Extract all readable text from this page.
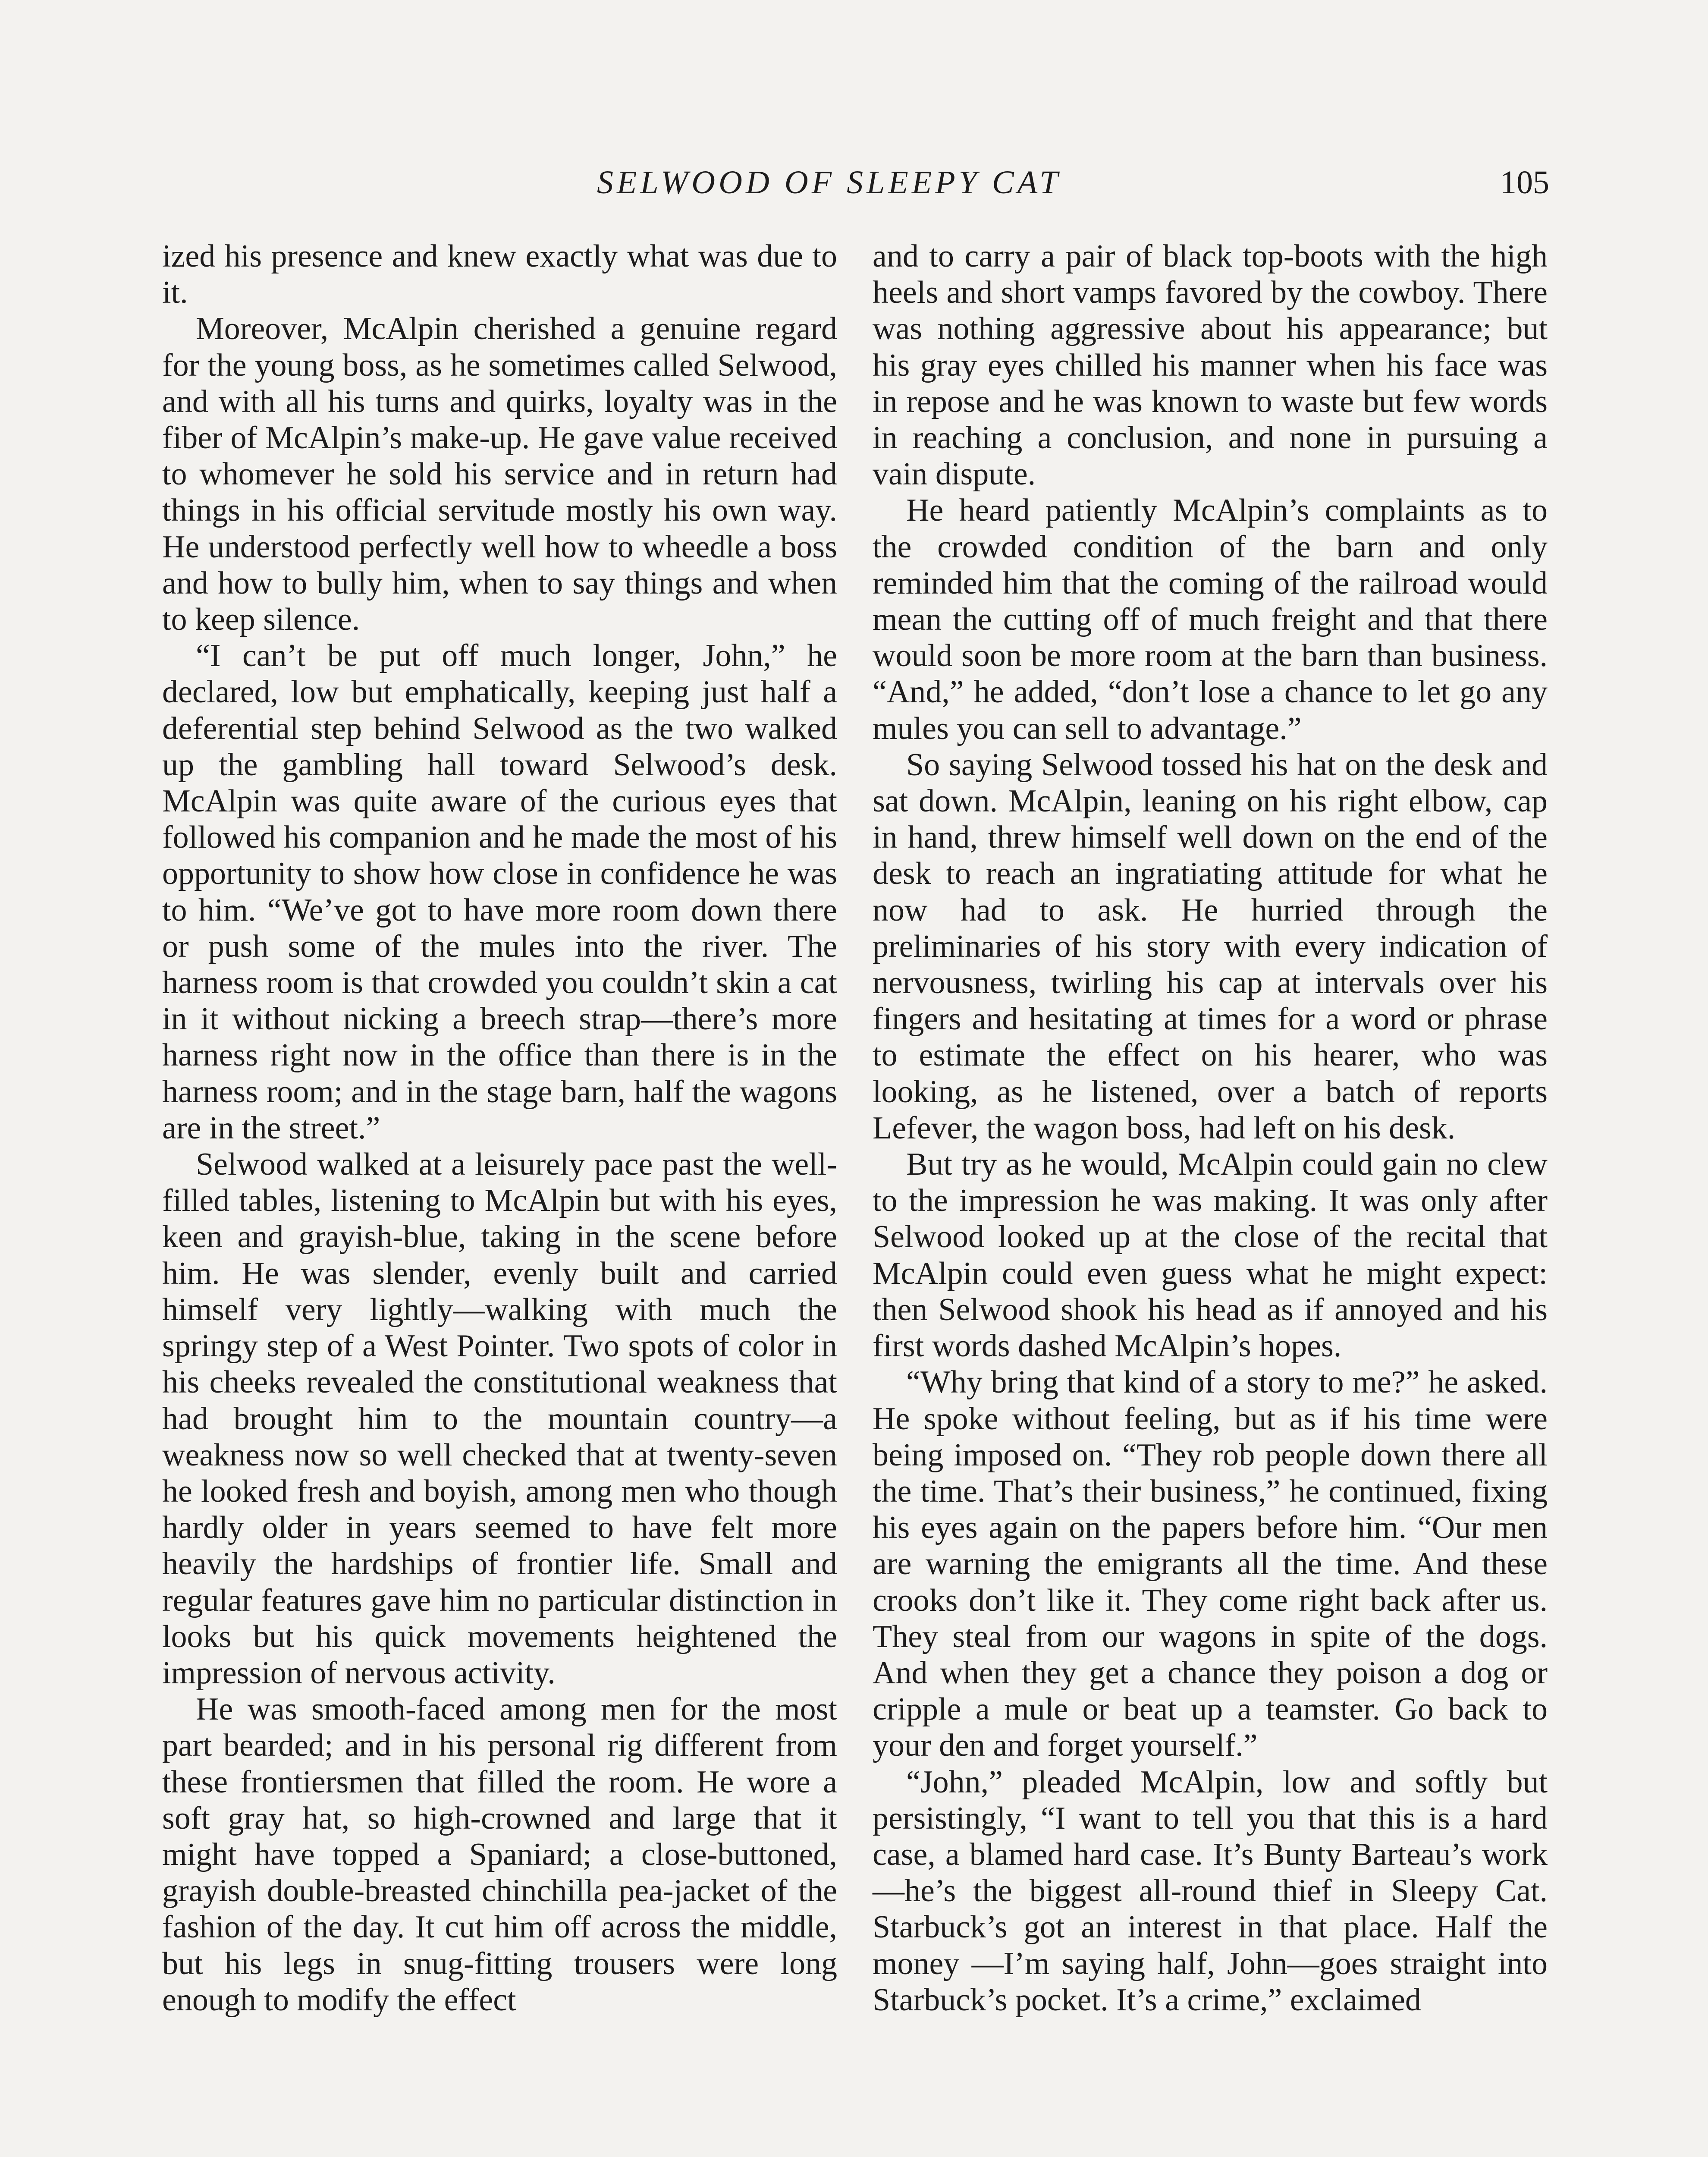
SELWOOD OF SLEEPY CAT	105

ized his presence and knew exactly what was due to it.

Moreover, McAlpin cherished a genuine regard for the young boss, as he sometimes called Selwood, and with all his turns and quirks, loyalty was in the fiber of McAlpin’s make-up. He gave value received to whomever he sold his service and in return had things in his official servitude mostly his own way. He understood perfectly well how to wheedle a boss and how to bully him, when to say things and when to keep silence.

“I can’t be put off much longer, John,” he declared, low but emphatically, keeping just half a deferential step behind Selwood as the two walked up the gambling hall toward Selwood’s desk. McAlpin was quite aware of the curious eyes that followed his companion and he made the most of his opportunity to show how close in confidence he was to him. “We’ve got to have more room down there or push some of the mules into the river. The harness room is that crowded you couldn’t skin a cat in it without nicking a breech strap—there’s more harness right now in the office than there is in the harness room; and in the stage barn, half the wagons are in the street.”

Selwood walked at a leisurely pace past the well-filled tables, listening to McAlpin but with his eyes, keen and grayish-blue, taking in the scene before him. He was slender, evenly built and carried himself very lightly—walking with much the springy step of a West Pointer. Two spots of color in his cheeks revealed the constitutional weakness that had brought him to the mountain country—a weakness now so well checked that at twenty-seven he looked fresh and boyish, among men who though hardly older in years seemed to have felt more heavily the hardships of frontier life. Small and regular features gave him no particular distinction in looks but his quick movements heightened the impression of nervous activity.

He was smooth-faced among men for the most part bearded; and in his personal rig different from these frontiersmen that filled the room. He wore a soft gray hat, so high-crowned and large that it might have topped a Spaniard; a close-buttoned, grayish double-breasted chinchilla pea-jacket of the fashion of the day. It cut him off across the middle, but his legs in snug-fitting trousers were long enough to modify the effect

and to carry a pair of black top-boots with the high heels and short vamps favored by the cowboy. There was nothing aggressive about his appearance; but his gray eyes chilled his manner when his face was in repose and he was known to waste but few words in reaching a conclusion, and none in pursuing a vain dispute.

He heard patiently McAlpin’s complaints as to the crowded condition of the barn and only reminded him that the coming of the railroad would mean the cutting off of much freight and that there would soon be more room at the barn than business. “And,” he added, “don’t lose a chance to let go any mules you can sell to advantage.”

So saying Selwood tossed his hat on the desk and sat down. McAlpin, leaning on his right elbow, cap in hand, threw himself well down on the end of the desk to reach an ingratiating attitude for what he now had to ask. He hurried through the preliminaries of his story with every indication of nervousness, twirling his cap at intervals over his fingers and hesitating at times for a word or phrase to estimate the effect on his hearer, who was looking, as he listened, over a batch of reports Lefever, the wagon boss, had left on his desk.

But try as he would, McAlpin could gain no clew to the impression he was making. It was only after Selwood looked up at the close of the recital that McAlpin could even guess what he might expect: then Selwood shook his head as if annoyed and his first words dashed McAlpin’s hopes.

“Why bring that kind of a story to me?” he asked. He spoke without feeling, but as if his time were being imposed on. “They rob people down there all the time. That’s their business,” he continued, fixing his eyes again on the papers before him. “Our men are warning the emigrants all the time. And these crooks don’t like it. They come right back after us. They steal from our wagons in spite of the dogs. And when they get a chance they poison a dog or cripple a mule or beat up a teamster. Go back to your den and forget yourself.”

“John,” pleaded McAlpin, low and softly but persistingly, “I want to tell you that this is a hard case, a blamed hard case. It’s Bunty Barteau’s work—he’s the biggest all-round thief in Sleepy Cat. Starbuck’s got an interest in that place. Half the money —I’m saying half, John—goes straight into Starbuck’s pocket. It’s a crime,” exclaimed
